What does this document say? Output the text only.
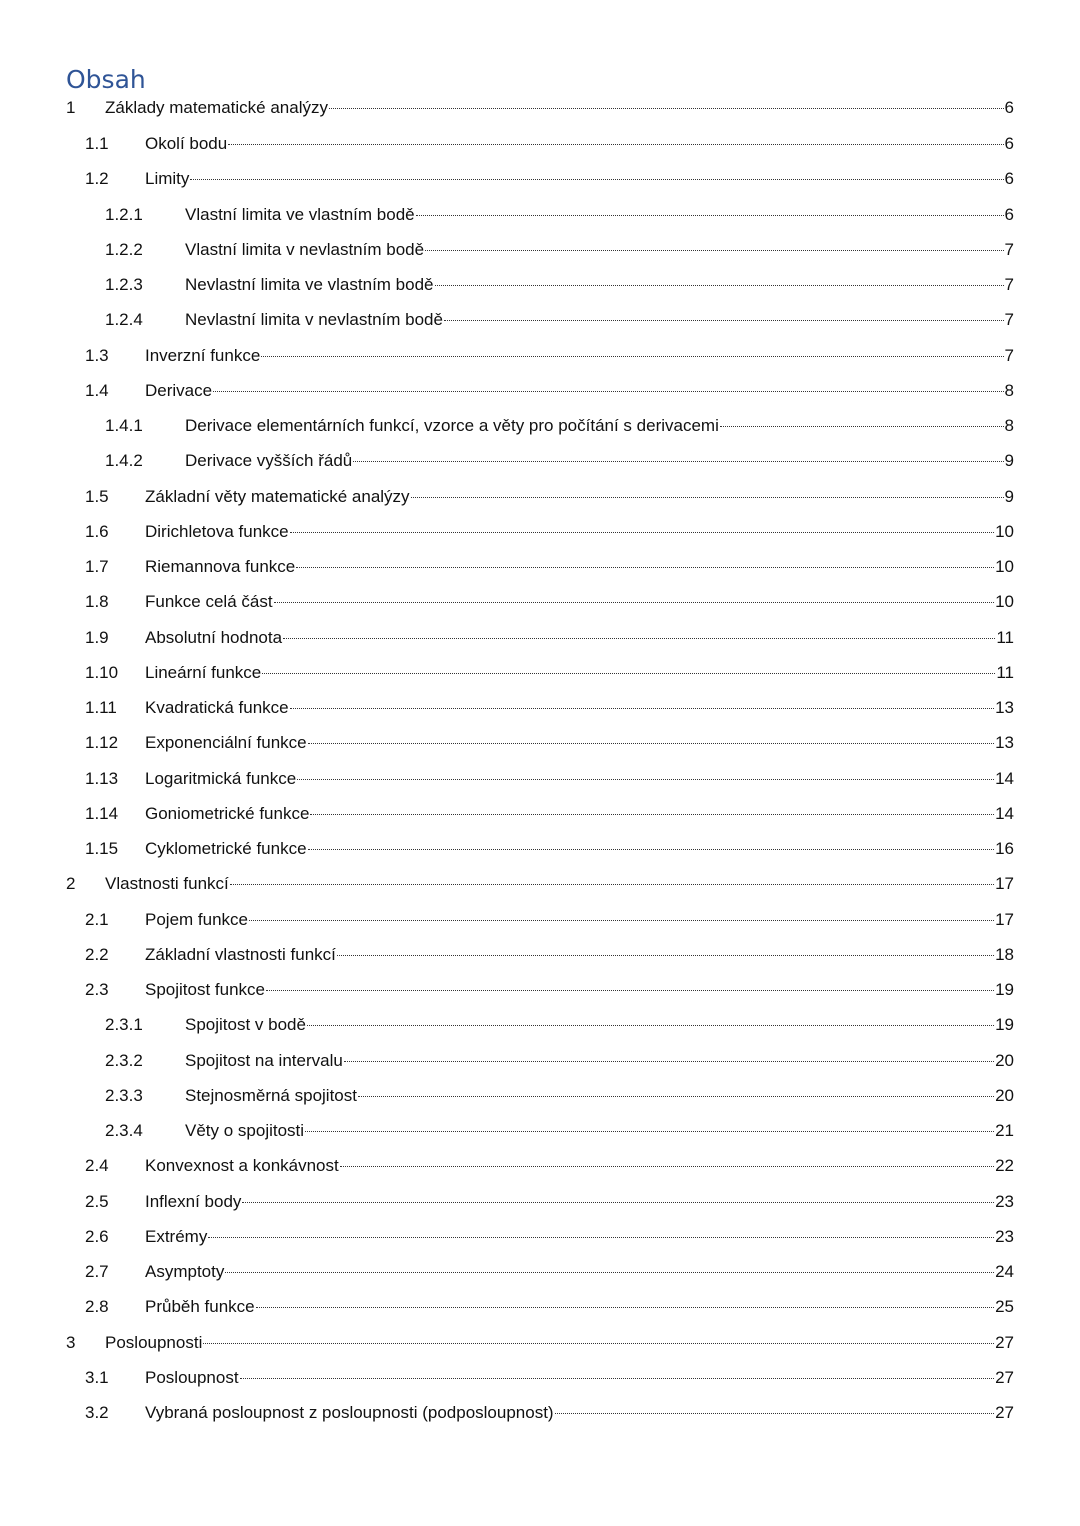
Obsah
1	Základy matematické analýzy	6
1.1	Okolí bodu	6
1.2	Limity	6
1.2.1	Vlastní limita ve vlastním bodě	6
1.2.2	Vlastní limita v nevlastním bodě	7
1.2.3	Nevlastní limita ve vlastním bodě	7
1.2.4	Nevlastní limita v nevlastním bodě	7
1.3	Inverzní funkce	7
1.4	Derivace	8
1.4.1	Derivace elementárních funkcí, vzorce a věty pro počítání s derivacemi	8
1.4.2	Derivace vyšších řádů	9
1.5	Základní věty matematické analýzy	9
1.6	Dirichletova funkce	10
1.7	Riemannova funkce	10
1.8	Funkce celá část	10
1.9	Absolutní hodnota	11
1.10	Lineární funkce	11
1.11	Kvadratická funkce	13
1.12	Exponenciální funkce	13
1.13	Logaritmická funkce	14
1.14	Goniometrické funkce	14
1.15	Cyklometrické funkce	16
2	Vlastnosti funkcí	17
2.1	Pojem funkce	17
2.2	Základní vlastnosti funkcí	18
2.3	Spojitost funkce	19
2.3.1	Spojitost v bodě	19
2.3.2	Spojitost na intervalu	20
2.3.3	Stejnosměrná spojitost	20
2.3.4	Věty o spojitosti	21
2.4	Konvexnost a konkávnost	22
2.5	Inflexní body	23
2.6	Extrémy	23
2.7	Asymptoty	24
2.8	Průběh funkce	25
3	Posloupnosti	27
3.1	Posloupnost	27
3.2	Vybraná posloupnost z posloupnosti (podposloupnost)	27
